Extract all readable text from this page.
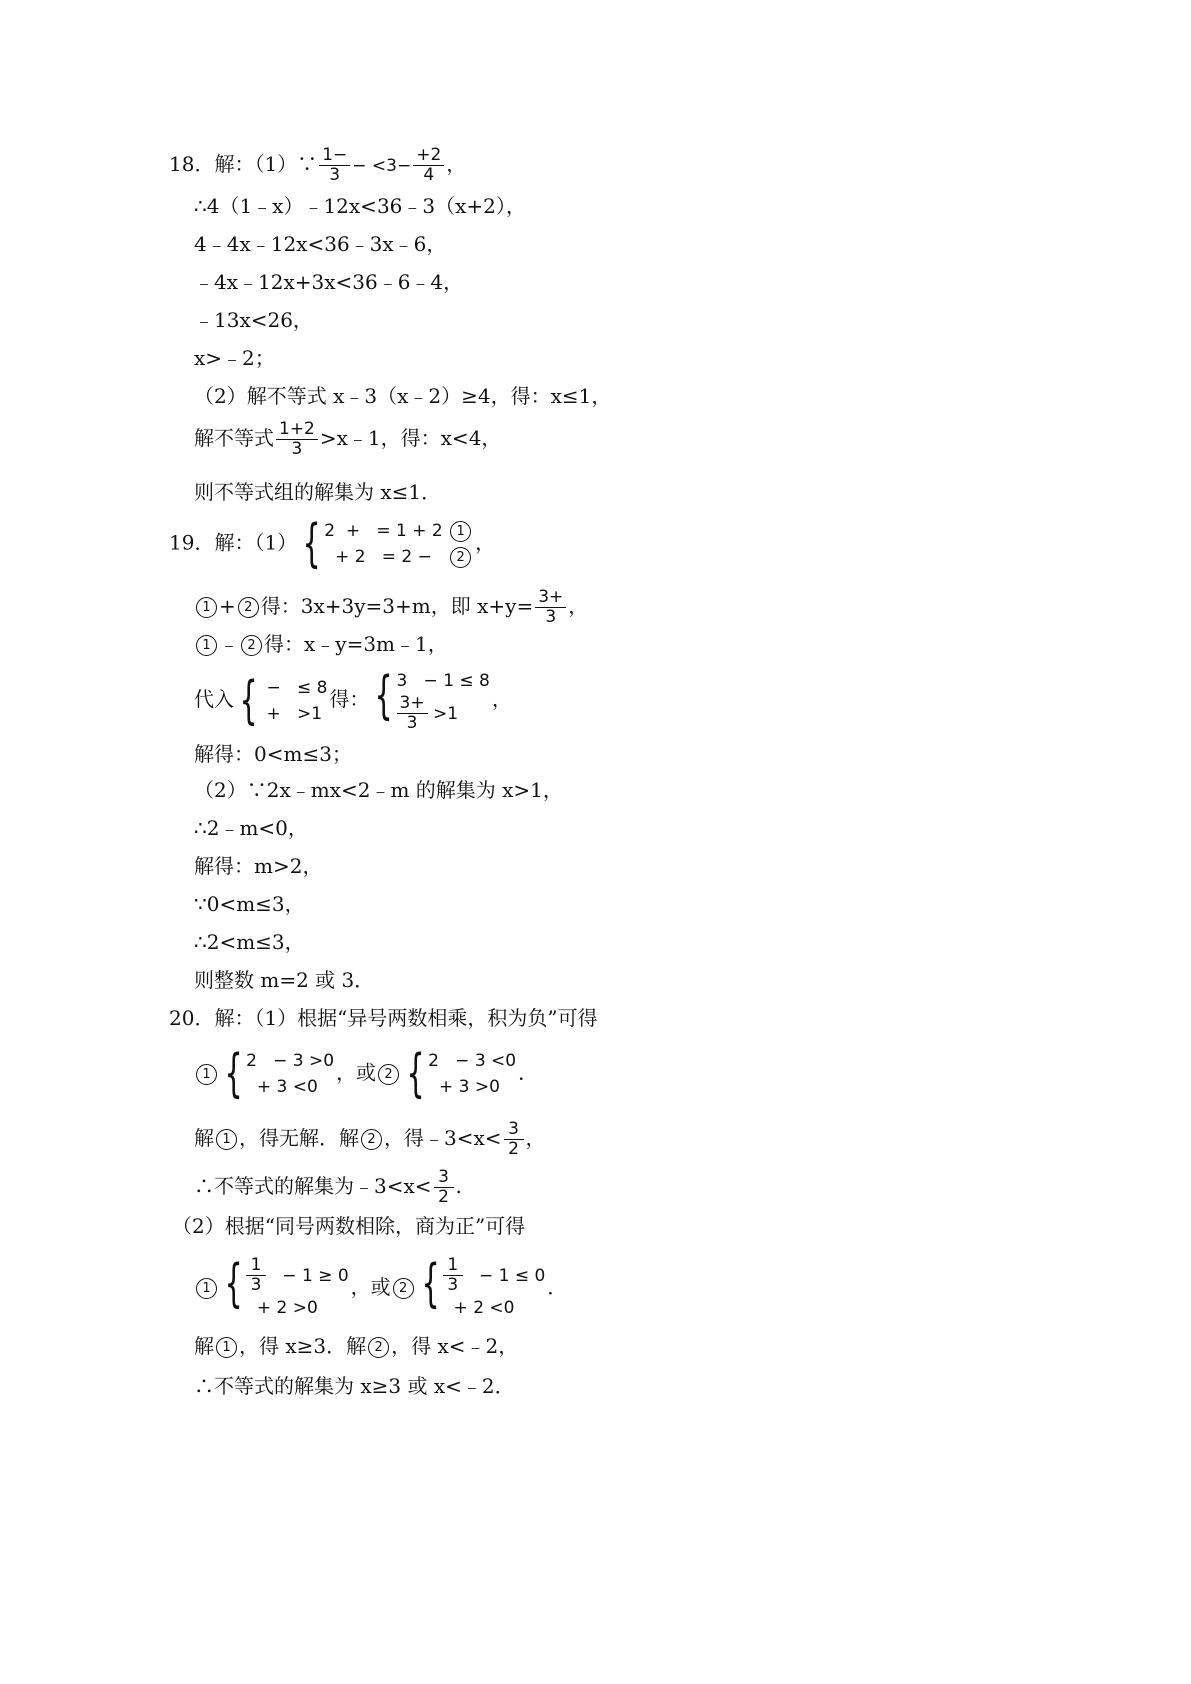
18．解：（1）∵ $\frac{1-}{3} - <3- \frac{+2}{4}$ ，
∴4（1﹣x）﹣12x<36﹣3（x+2），
4﹣4x﹣12x<36﹣3x﹣6，
﹣4x﹣12x+3x<36﹣6﹣4，
﹣13x<26，
x>﹣2；
（2）解不等式 x﹣3（x﹣2）≥4，得：x≤1，
解不等式 $\frac{1+2}{3}$ >x﹣1，得：x<4，
则不等式组的解集为 x≤1．
19．解：（1） { 2  +   = 1 + 2 1
+ 2   = 2 − 2
，
1 + 2 得：3x+3y=3+m，即 $x+y= \frac{3+}{3}$ ，
1 ﹣ 2 得：x﹣y=3m﹣1，
代入 { −   ≤ 8
+   >1
得： { 3   − 1 ≤ 8
$\frac{3+}{3} >1$
，
解得：0<m≤3；
（2）∵2x﹣mx<2﹣m 的解集为 x>1，
∴2﹣m<0，
解得：m>2，
∵0<m≤3，
∴2<m≤3，
则整数 m=2 或 3．
20．解：（1）根据“异号两数相乘，积为负”可得
1 { 2   − 3 >0
+ 3 <0
，或 2 { 2   − 3 <0
+ 3 >0
．
解 1 ，得无解．解 2 ，得﹣3<x< $\frac{3}{2}$ ，
∴不等式的解集为﹣3<x< $\frac{3}{2}$ .
（2）根据“同号两数相除，商为正”可得
1 { $\frac{1}{3} - 1 \ge 0$
+ 2 >0
，或 2 { $\frac{1}{3} - 1 \le 0$
+ 2 <0
．
解 1 ，得 x≥3．解 2 ，得 x<﹣2，
∴不等式的解集为 x≥3 或 x<﹣2．
